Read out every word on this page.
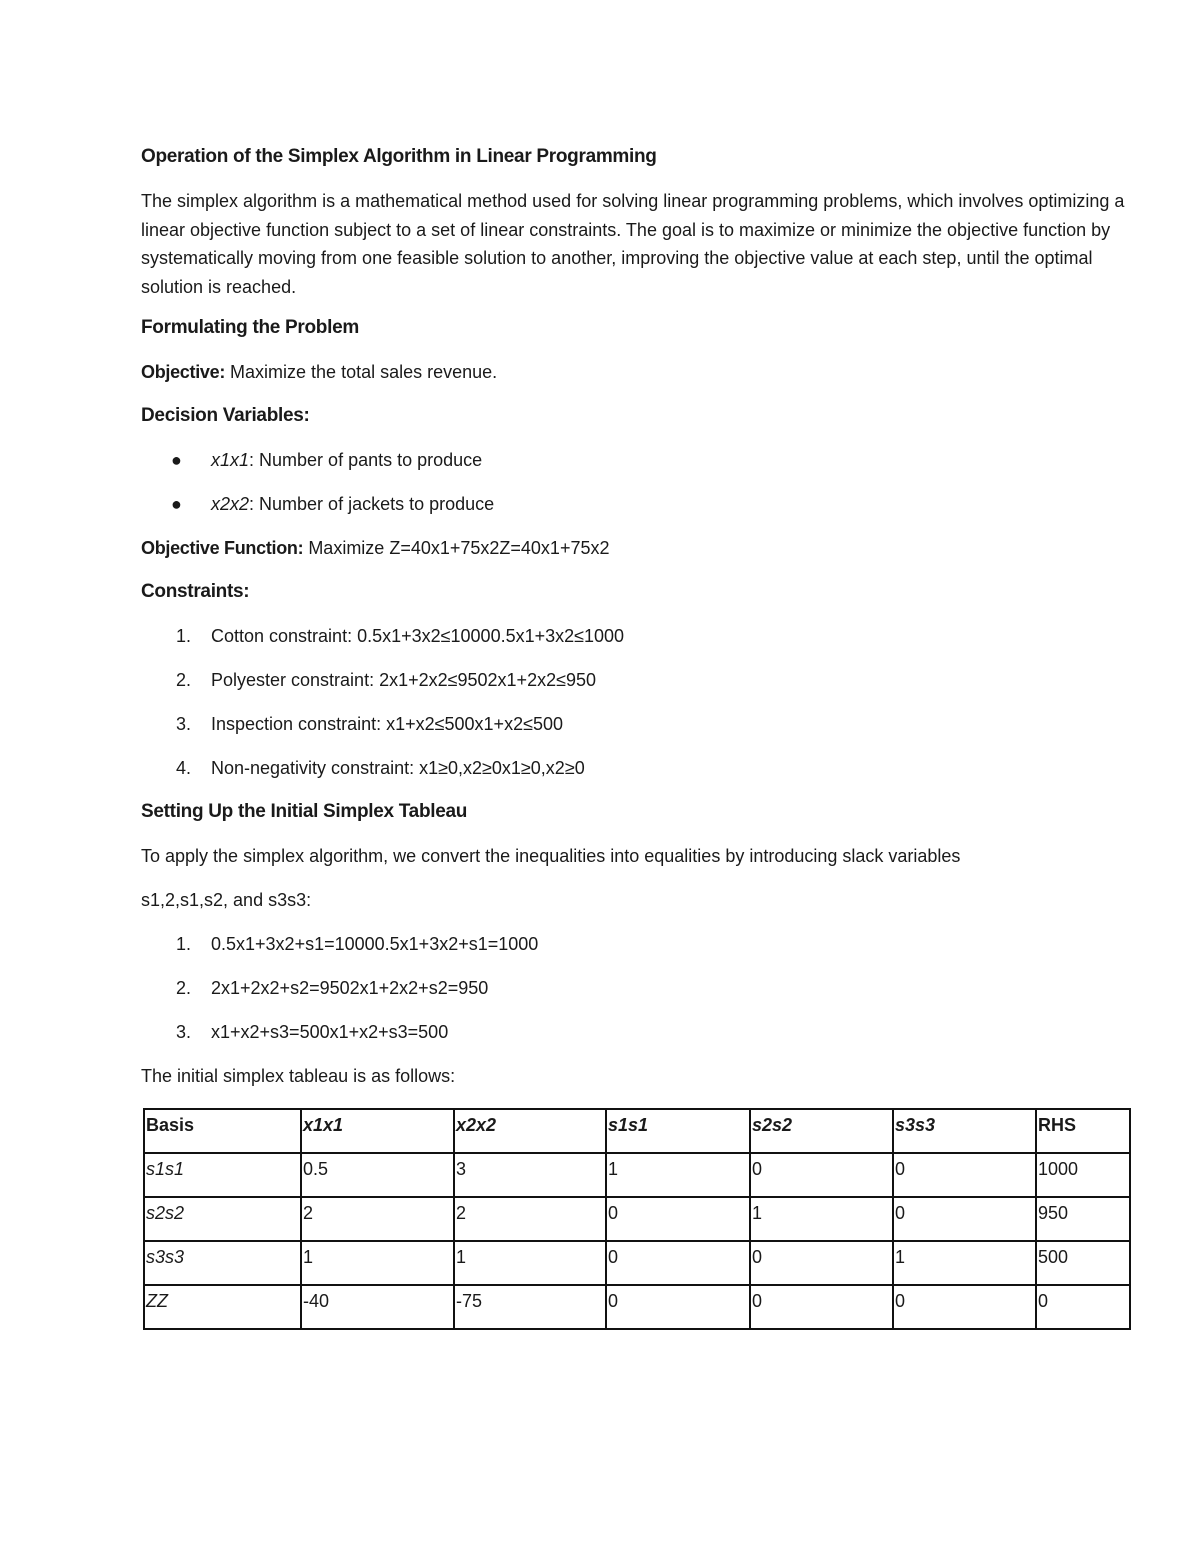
Operation of the Simplex Algorithm in Linear Programming

The simplex algorithm is a mathematical method used for solving linear programming problems, which involves optimizing a linear objective function subject to a set of linear constraints. The goal is to maximize or minimize the objective function by systematically moving from one feasible solution to another, improving the objective value at each step, until the optimal solution is reached.

Formulating the Problem
Objective: Maximize the total sales revenue.
Decision Variables:
● x1x1: Number of pants to produce
● x2x2: Number of jackets to produce
Objective Function: Maximize Z=40x1+75x2Z=40x1+75x2
Constraints:
1. Cotton constraint: 0.5x1+3x2≤10000.5x1+3x2≤1000
2. Polyester constraint: 2x1+2x2≤9502x1+2x2≤950
3. Inspection constraint: x1+x2≤500x1+x2≤500
4. Non-negativity constraint: x1≥0,x2≥0x1≥0,x2≥0
Setting Up the Initial Simplex Tableau
To apply the simplex algorithm, we convert the inequalities into equalities by introducing slack variables
s1,2,s1,s2, and s3s3:
1. 0.5x1+3x2+s1=10000.5x1+3x2+s1=1000
2. 2x1+2x2+s2=9502x1+2x2+s2=950
3. x1+x2+s3=500x1+x2+s3=500
The initial simplex tableau is as follows:
Basis	x1x1	x2x2	s1s1	s2s2	s3s3	RHS
s1s1	0.5	3	1	0	0	1000
s2s2	2	2	0	1	0	950
s3s3	1	1	0	0	1	500
ZZ	-40	-75	0	0	0	0
